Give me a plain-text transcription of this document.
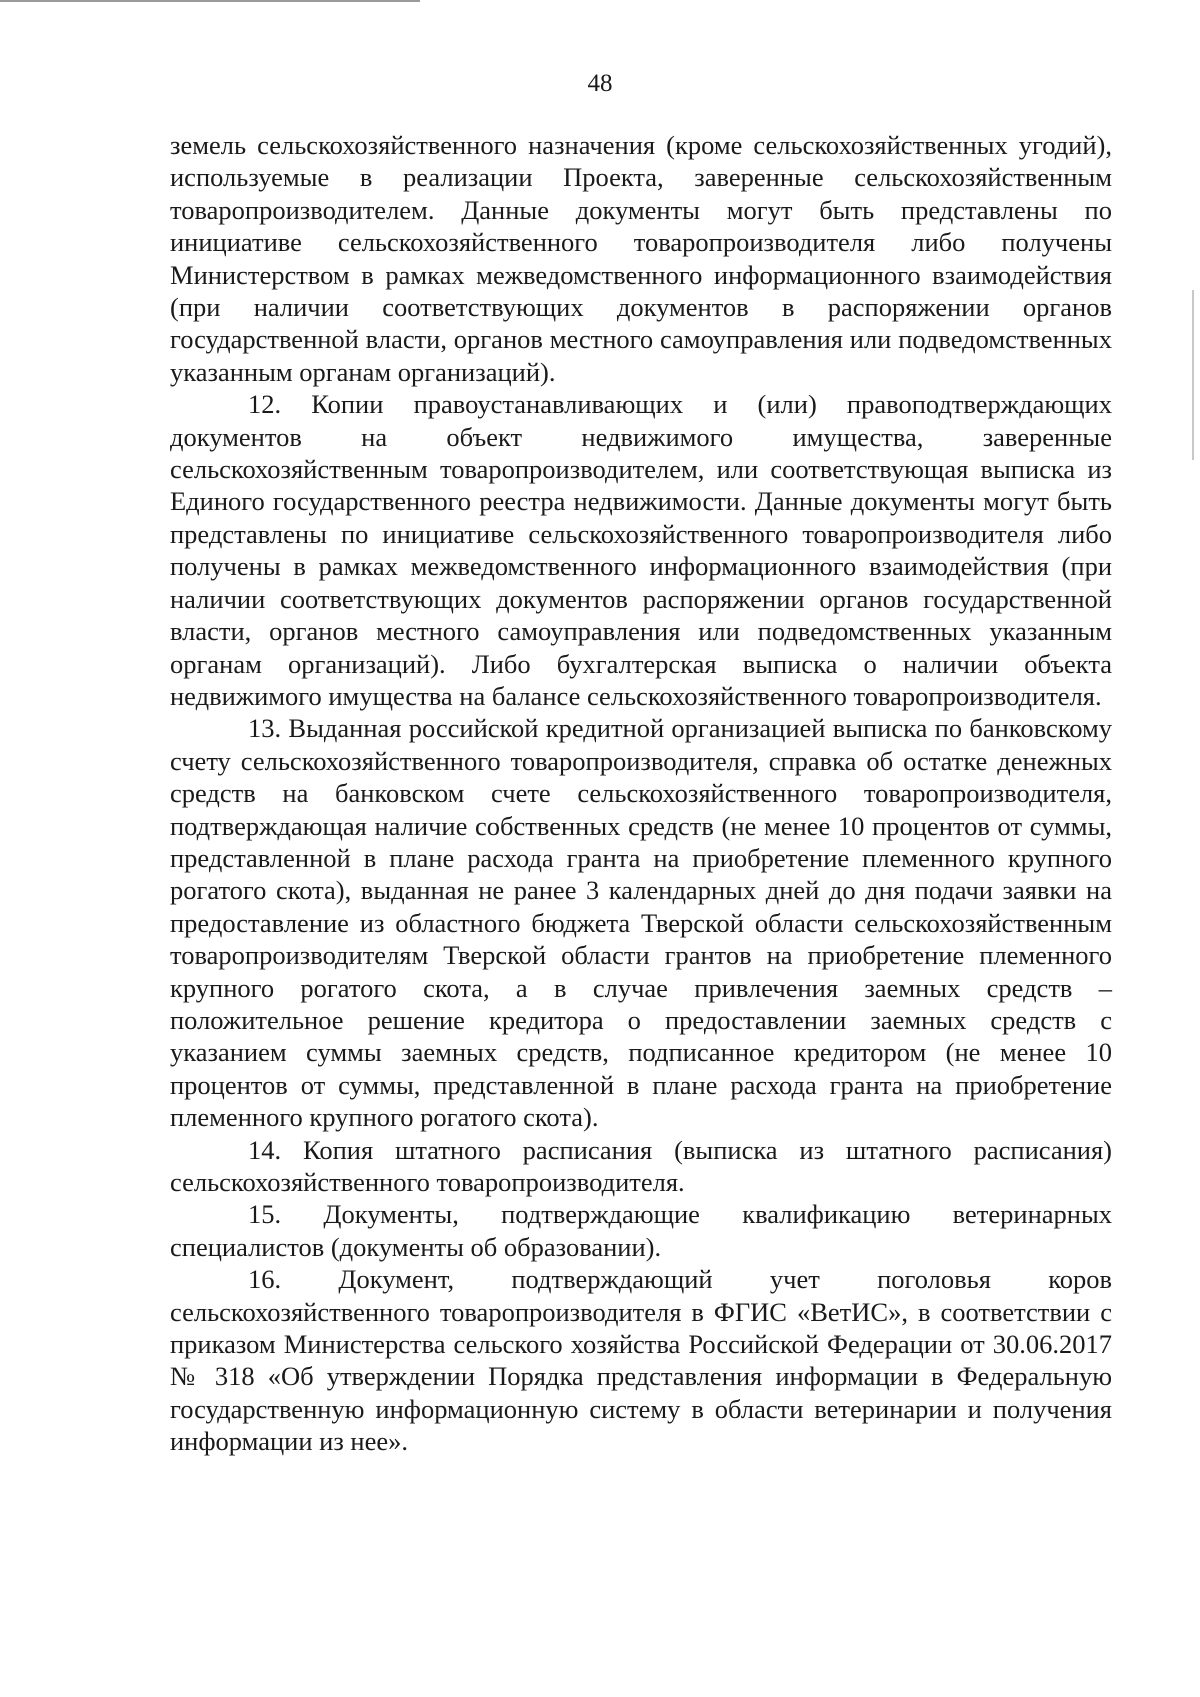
48

земель сельскохозяйственного назначения (кроме сельскохозяйственных угодий), используемые в реализации Проекта, заверенные сельскохозяйственным товаропроизводителем. Данные документы могут быть представлены по инициативе сельскохозяйственного товаропроизводителя либо получены Министерством в рамках межведомственного информационного взаимодействия (при наличии соответствующих документов в распоряжении органов государственной власти, органов местного самоуправления или подведомственных указанным органам организаций).

12. Копии правоустанавливающих и (или) правоподтверждающих документов на объект недвижимого имущества, заверенные сельскохозяйственным товаропроизводителем, или соответствующая выписка из Единого государственного реестра недвижимости. Данные документы могут быть представлены по инициативе сельскохозяйственного товаропроизводителя либо получены в рамках межведомственного информационного взаимодействия (при наличии соответствующих документов распоряжении органов государственной власти, органов местного самоуправления или подведомственных указанным органам организаций). Либо бухгалтерская выписка о наличии объекта недвижимого имущества на балансе сельскохозяйственного товаропроизводителя.

13. Выданная российской кредитной организацией выписка по банковскому счету сельскохозяйственного товаропроизводителя, справка об остатке денежных средств на банковском счете сельскохозяйственного товаропроизводителя, подтверждающая наличие собственных средств (не менее 10 процентов от суммы, представленной в плане расхода гранта на приобретение племенного крупного рогатого скота), выданная не ранее 3 календарных дней до дня подачи заявки на предоставление из областного бюджета Тверской области сельскохозяйственным товаропроизводителям Тверской области грантов на приобретение племенного крупного рогатого скота, а в случае привлечения заемных средств – положительное решение кредитора о предоставлении заемных средств с указанием суммы заемных средств, подписанное кредитором (не менее 10 процентов от суммы, представленной в плане расхода гранта на приобретение племенного крупного рогатого скота).

14. Копия штатного расписания (выписка из штатного расписания) сельскохозяйственного товаропроизводителя.

15. Документы, подтверждающие квалификацию ветеринарных специалистов (документы об образовании).

16. Документ, подтверждающий учет поголовья коров сельскохозяйственного товаропроизводителя в ФГИС «ВетИС», в соответствии с приказом Министерства сельского хозяйства Российской Федерации от 30.06.2017 № 318 «Об утверждении Порядка представления информации в Федеральную государственную информационную систему в области ветеринарии и получения информации из нее».
